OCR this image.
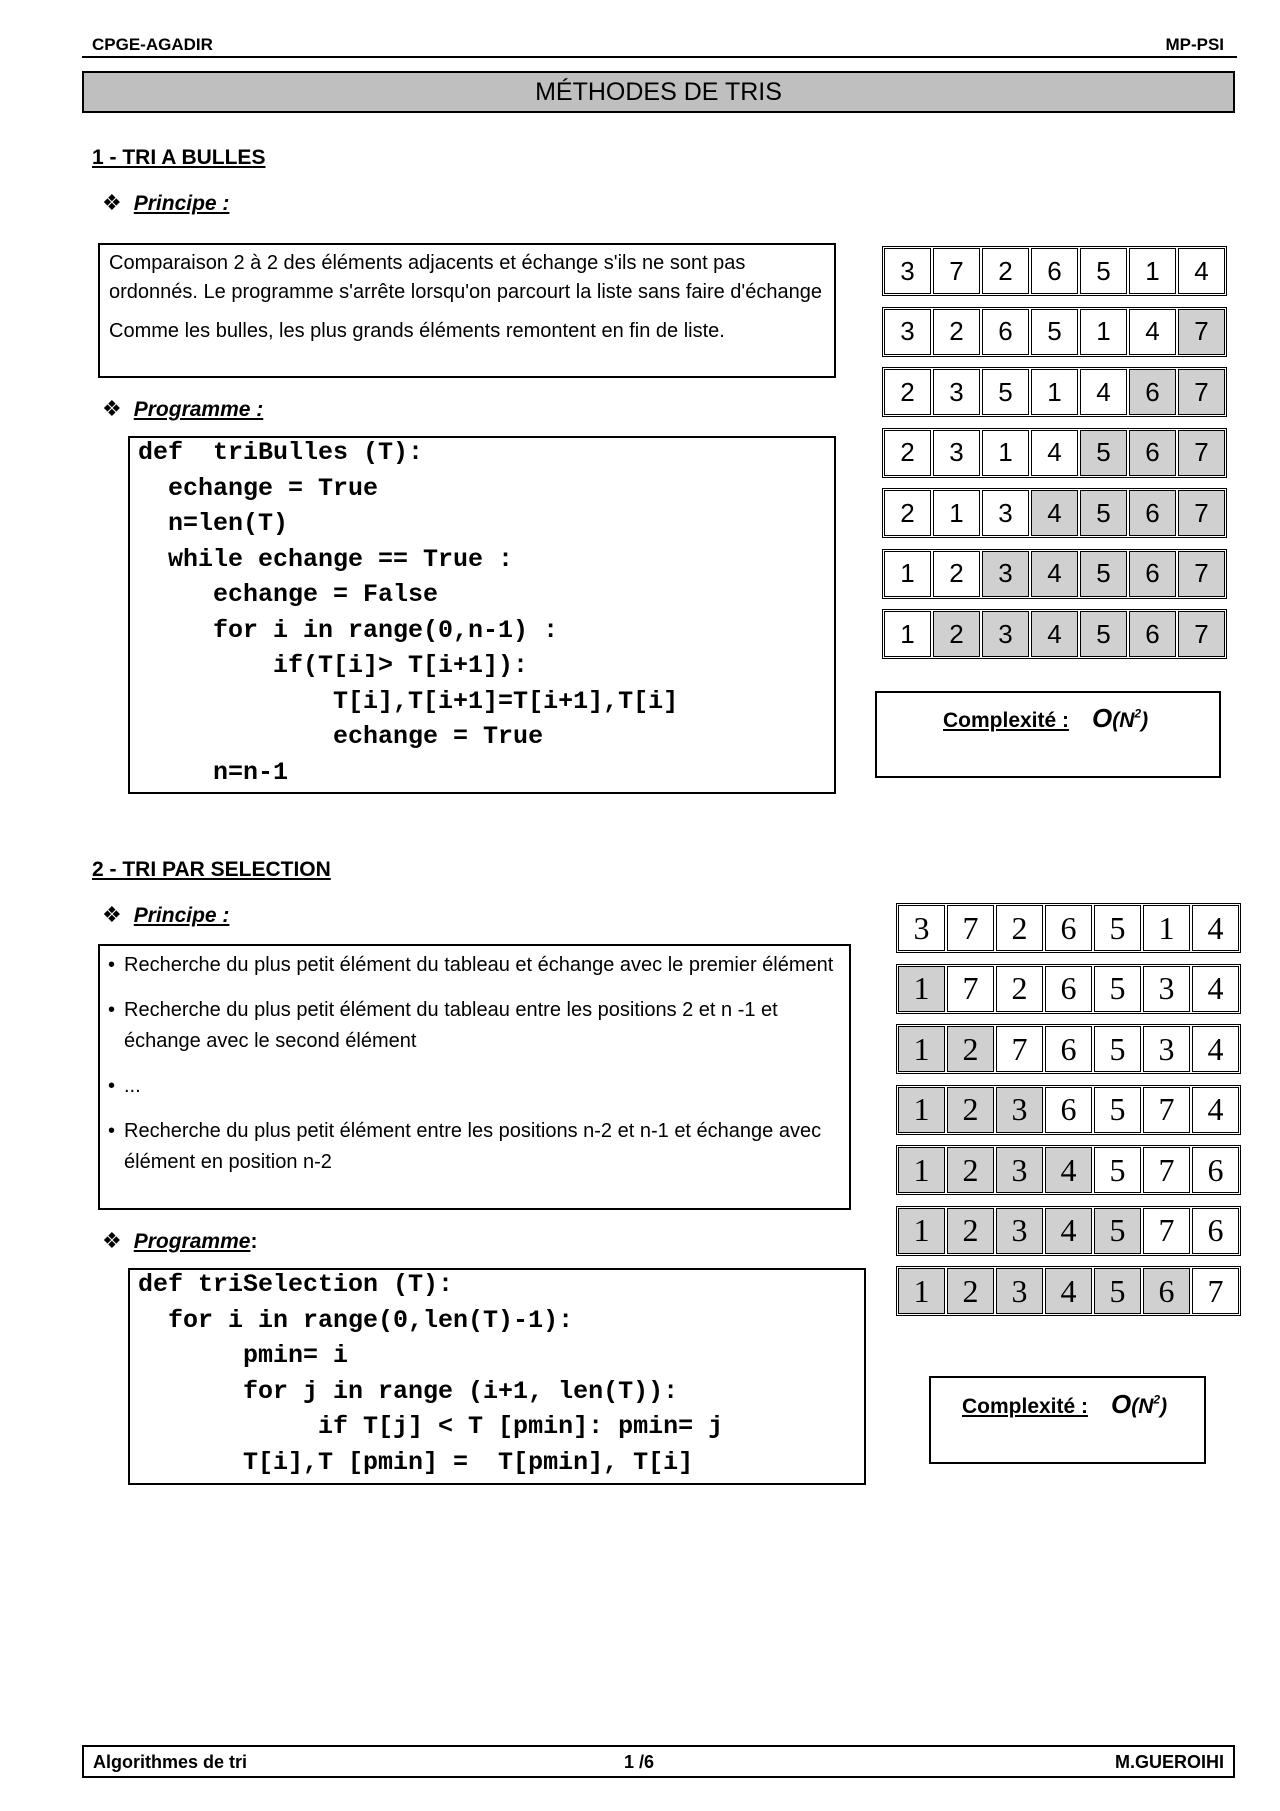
CPGE-AGADIR	MP-PSI
MÉTHODES DE TRIS
1 - TRI A BULLES
❖ Principe :

Comparaison 2 à 2 des éléments adjacents et échange s'ils ne sont pas ordonnés. Le programme s'arrête lorsqu'on parcourt la liste sans faire d'échange

Comme les bulles, les plus grands éléments remontent en fin de liste.

❖ Programme :
def  triBulles (T):
echange = True
n=len(T)
while echange == True :
echange = False
for i in range(0,n-1) :
if(T[i]> T[i+1]):
T[i],T[i+1]=T[i+1],T[i]
echange = True
n=n-1
3	7	2	6	5	1	4
3	2	6	5	1	4	7
2	3	5	1	4	6	7
2	3	1	4	5	6	7
2	1	3	4	5	6	7
1	2	3	4	5	6	7
1	2	3	4	5	6	7
Complexité : $O(N^2)$
2 - TRI PAR SELECTION
❖ Principe :
• Recherche du plus petit élément du tableau et échange avec le premier élément
• Recherche du plus petit élément du tableau entre les positions 2 et n -1 et échange avec le second élément
• ...
• Recherche du plus petit élément entre les positions n-2 et n-1 et échange avec élément en position n-2
❖ Programme:
def triSelection (T):
for i in range(0,len(T)-1):
pmin= i
for j in range (i+1, len(T)):
if T[j] < T [pmin]: pmin= j
T[i],T [pmin] =  T[pmin], T[i]
3	7	2	6	5	1	4
1	7	2	6	5	3	4
1	2	7	6	5	3	4
1	2	3	6	5	7	4
1	2	3	4	5	7	6
1	2	3	4	5	7	6
1	2	3	4	5	6	7
Complexité : $O(N^2)$
Algorithmes de tri	1 /6	M.GUEROIHI
